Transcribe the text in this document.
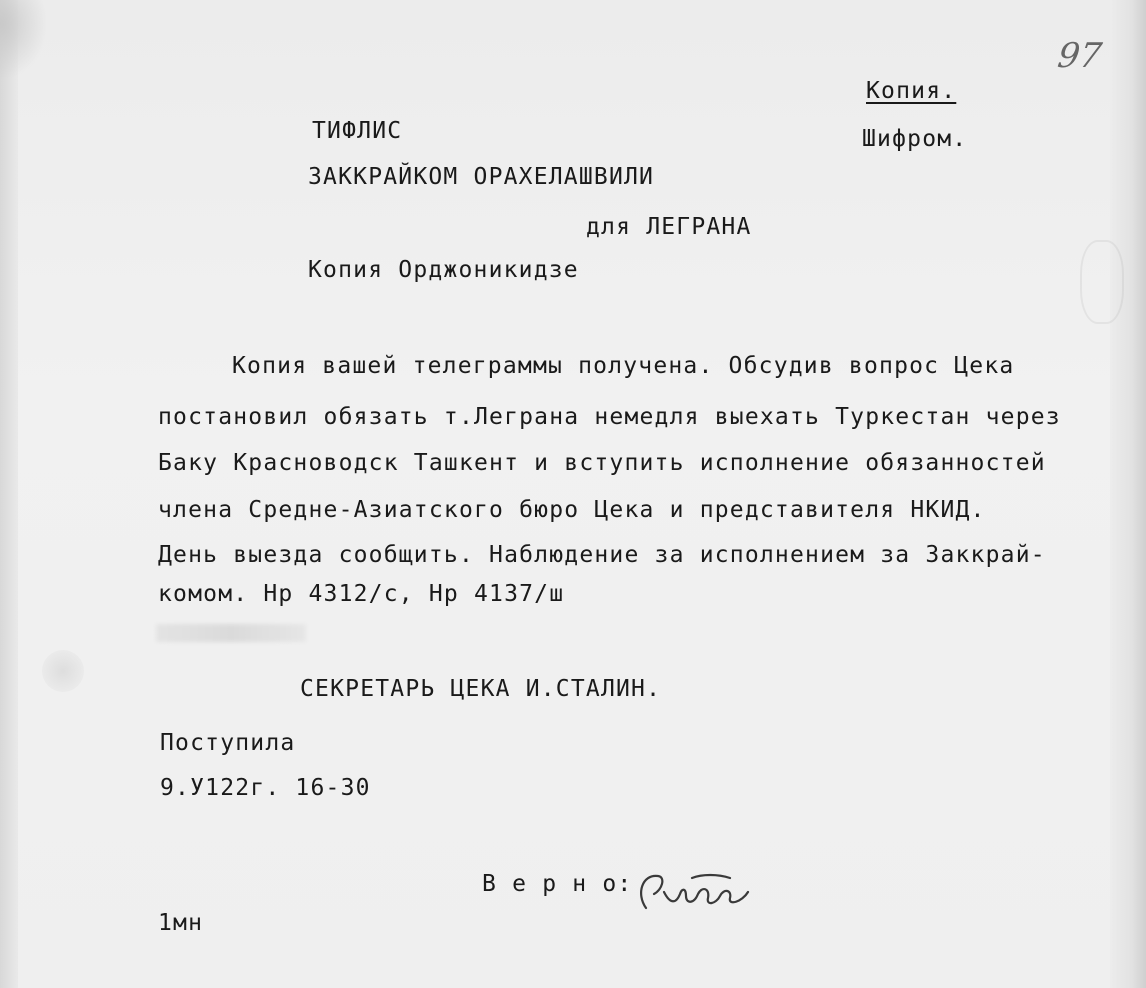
97
Копия.
Шифром.
ТИФЛИС
ЗАККРАЙКОМ ОРАХЕЛАШВИЛИ
для ЛЕГРАНА
Копия Орджоникидзе
Копия вашей телеграммы получена. Обсудив вопрос Цека
постановил обязать т.Леграна немедля выехать Туркестан через
Баку Красноводск Ташкент и вступить исполнение обязанностей
члена Средне-Азиатского бюро Цека и представителя НКИД.
День выезда сообщить. Наблюдение за исполнением за Заккрай-
комом. Нр 4312/с, Нр 4137/ш
СЕКРЕТАРЬ ЦЕКА И.СТАЛИН.
Поступила
9.У122г. 16-30
В е р н о:
1мн
